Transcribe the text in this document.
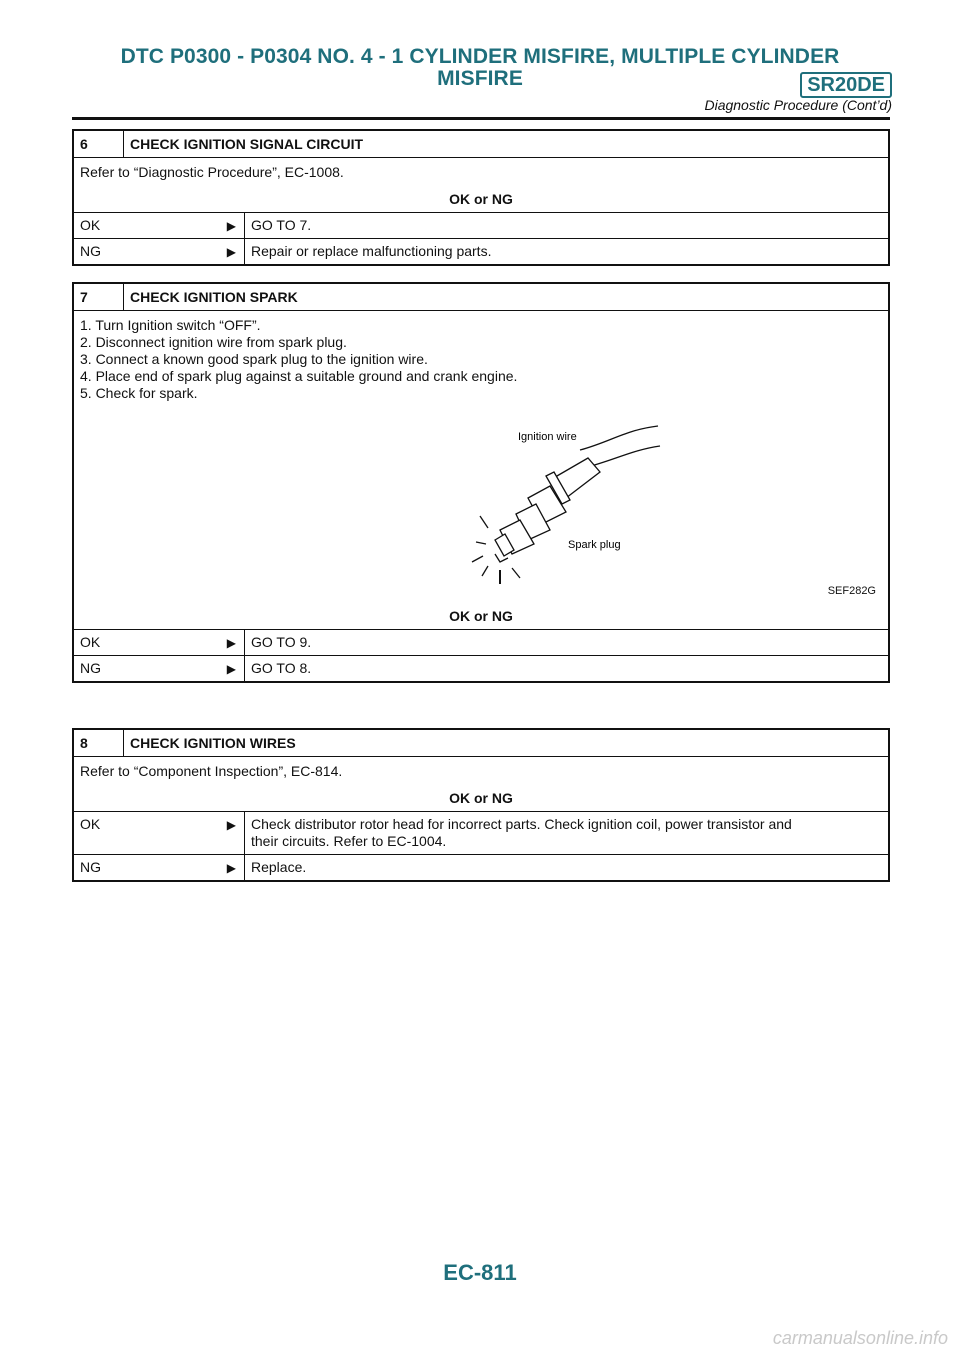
DTC P0300 - P0304 NO. 4 - 1 CYLINDER MISFIRE, MULTIPLE CYLINDER
MISFIRE	SR20DE
Diagnostic Procedure (Cont’d)
6	CHECK IGNITION SIGNAL CIRCUIT
Refer to “Diagnostic Procedure”, EC-1008.
OK or NG
OK	▶	GO TO 7.
NG	▶	Repair or replace malfunctioning parts.
7	CHECK IGNITION SPARK
1. Turn Ignition switch “OFF”.
2. Disconnect ignition wire from spark plug.
3. Connect a known good spark plug to the ignition wire.
4. Place end of spark plug against a suitable ground and crank engine.
5. Check for spark.
Ignition wire
Spark plug
SEF282G
OK or NG
OK	▶	GO TO 9.
NG	▶	GO TO 8.
8	CHECK IGNITION WIRES
Refer to “Component Inspection”, EC-814.
OK or NG
OK	▶ Check distributor rotor head for incorrect parts. Check ignition coil, power transistor and
their circuits. Refer to EC-1004.
NG	▶	Replace.
EC-811
carmanualsonline.info
